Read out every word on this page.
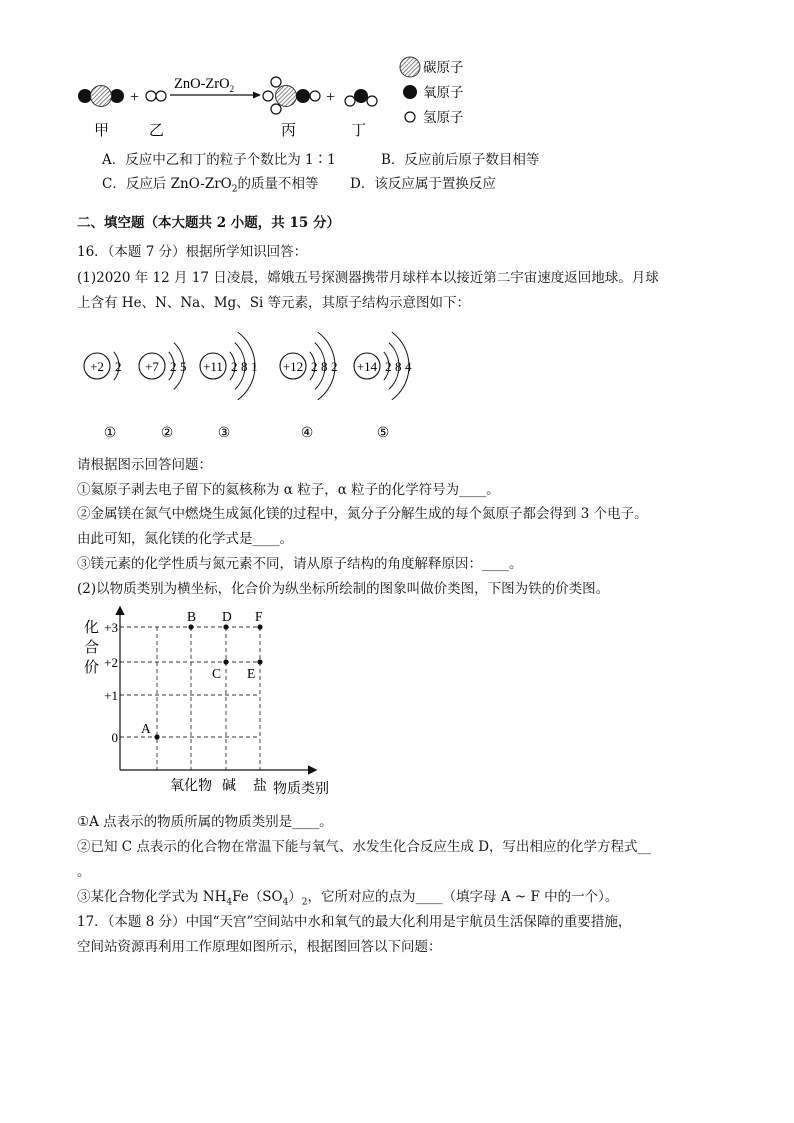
+
ZnO-ZrO$_2$	+
甲	乙	丙	丁
碳原子
氧原子
氢原子
A．反应中乙和丁的粒子个数比为 1∶1	B．反应前后原子数目相等
C．反应后 ZnO-ZrO$_2$的质量不相等 D．该反应属于置换反应
二、填空题（本大题共 2 小题，共 15 分）
16．（本题 7 分）根据所学知识回答：
(1)2020 年 12 月 17 日凌晨，嫦娥五号探测器携带月球样本以接近第二宇宙速度返回地球。月球
上含有 He、N、Na、Mg、Si 等元素，其原子结构示意图如下：
+2 2
①
+7 2 5
②
+11 2 8 1
③
+12 2 8 2
④
+14 2 8 4
⑤
请根据图示回答问题：
①氦原子剥去电子留下的氦核称为 α 粒子，α 粒子的化学符号为____。
②金属镁在氮气中燃烧生成氮化镁的过程中，氮分子分解生成的每个氮原子都会得到 3 个电子。
由此可知，氮化镁的化学式是____。
③镁元素的化学性质与氮元素不同，请从原子结构的角度解释原因：____。
(2)以物质类别为横坐标，化合价为纵坐标所绘制的图象叫做价类图，下图为铁的价类图。
化
合
价
+3
+2
+1
0
氧化物 碱 盐 物质类别
A
B
C
D
E
F
①A 点表示的物质所属的物质类别是____。
②已知 C 点表示的化合物在常温下能与氧气、水发生化合反应生成 D，写出相应的化学方程式__
。
③某化合物化学式为 $NH_4Fe(SO_4)_2$，它所对应的点为____（填字母 A ~ F 中的一个）。
17．（本题 8 分）中国“天宫”空间站中水和氧气的最大化利用是宇航员生活保障的重要措施，
空间站资源再利用工作原理如图所示，根据图回答以下问题：
